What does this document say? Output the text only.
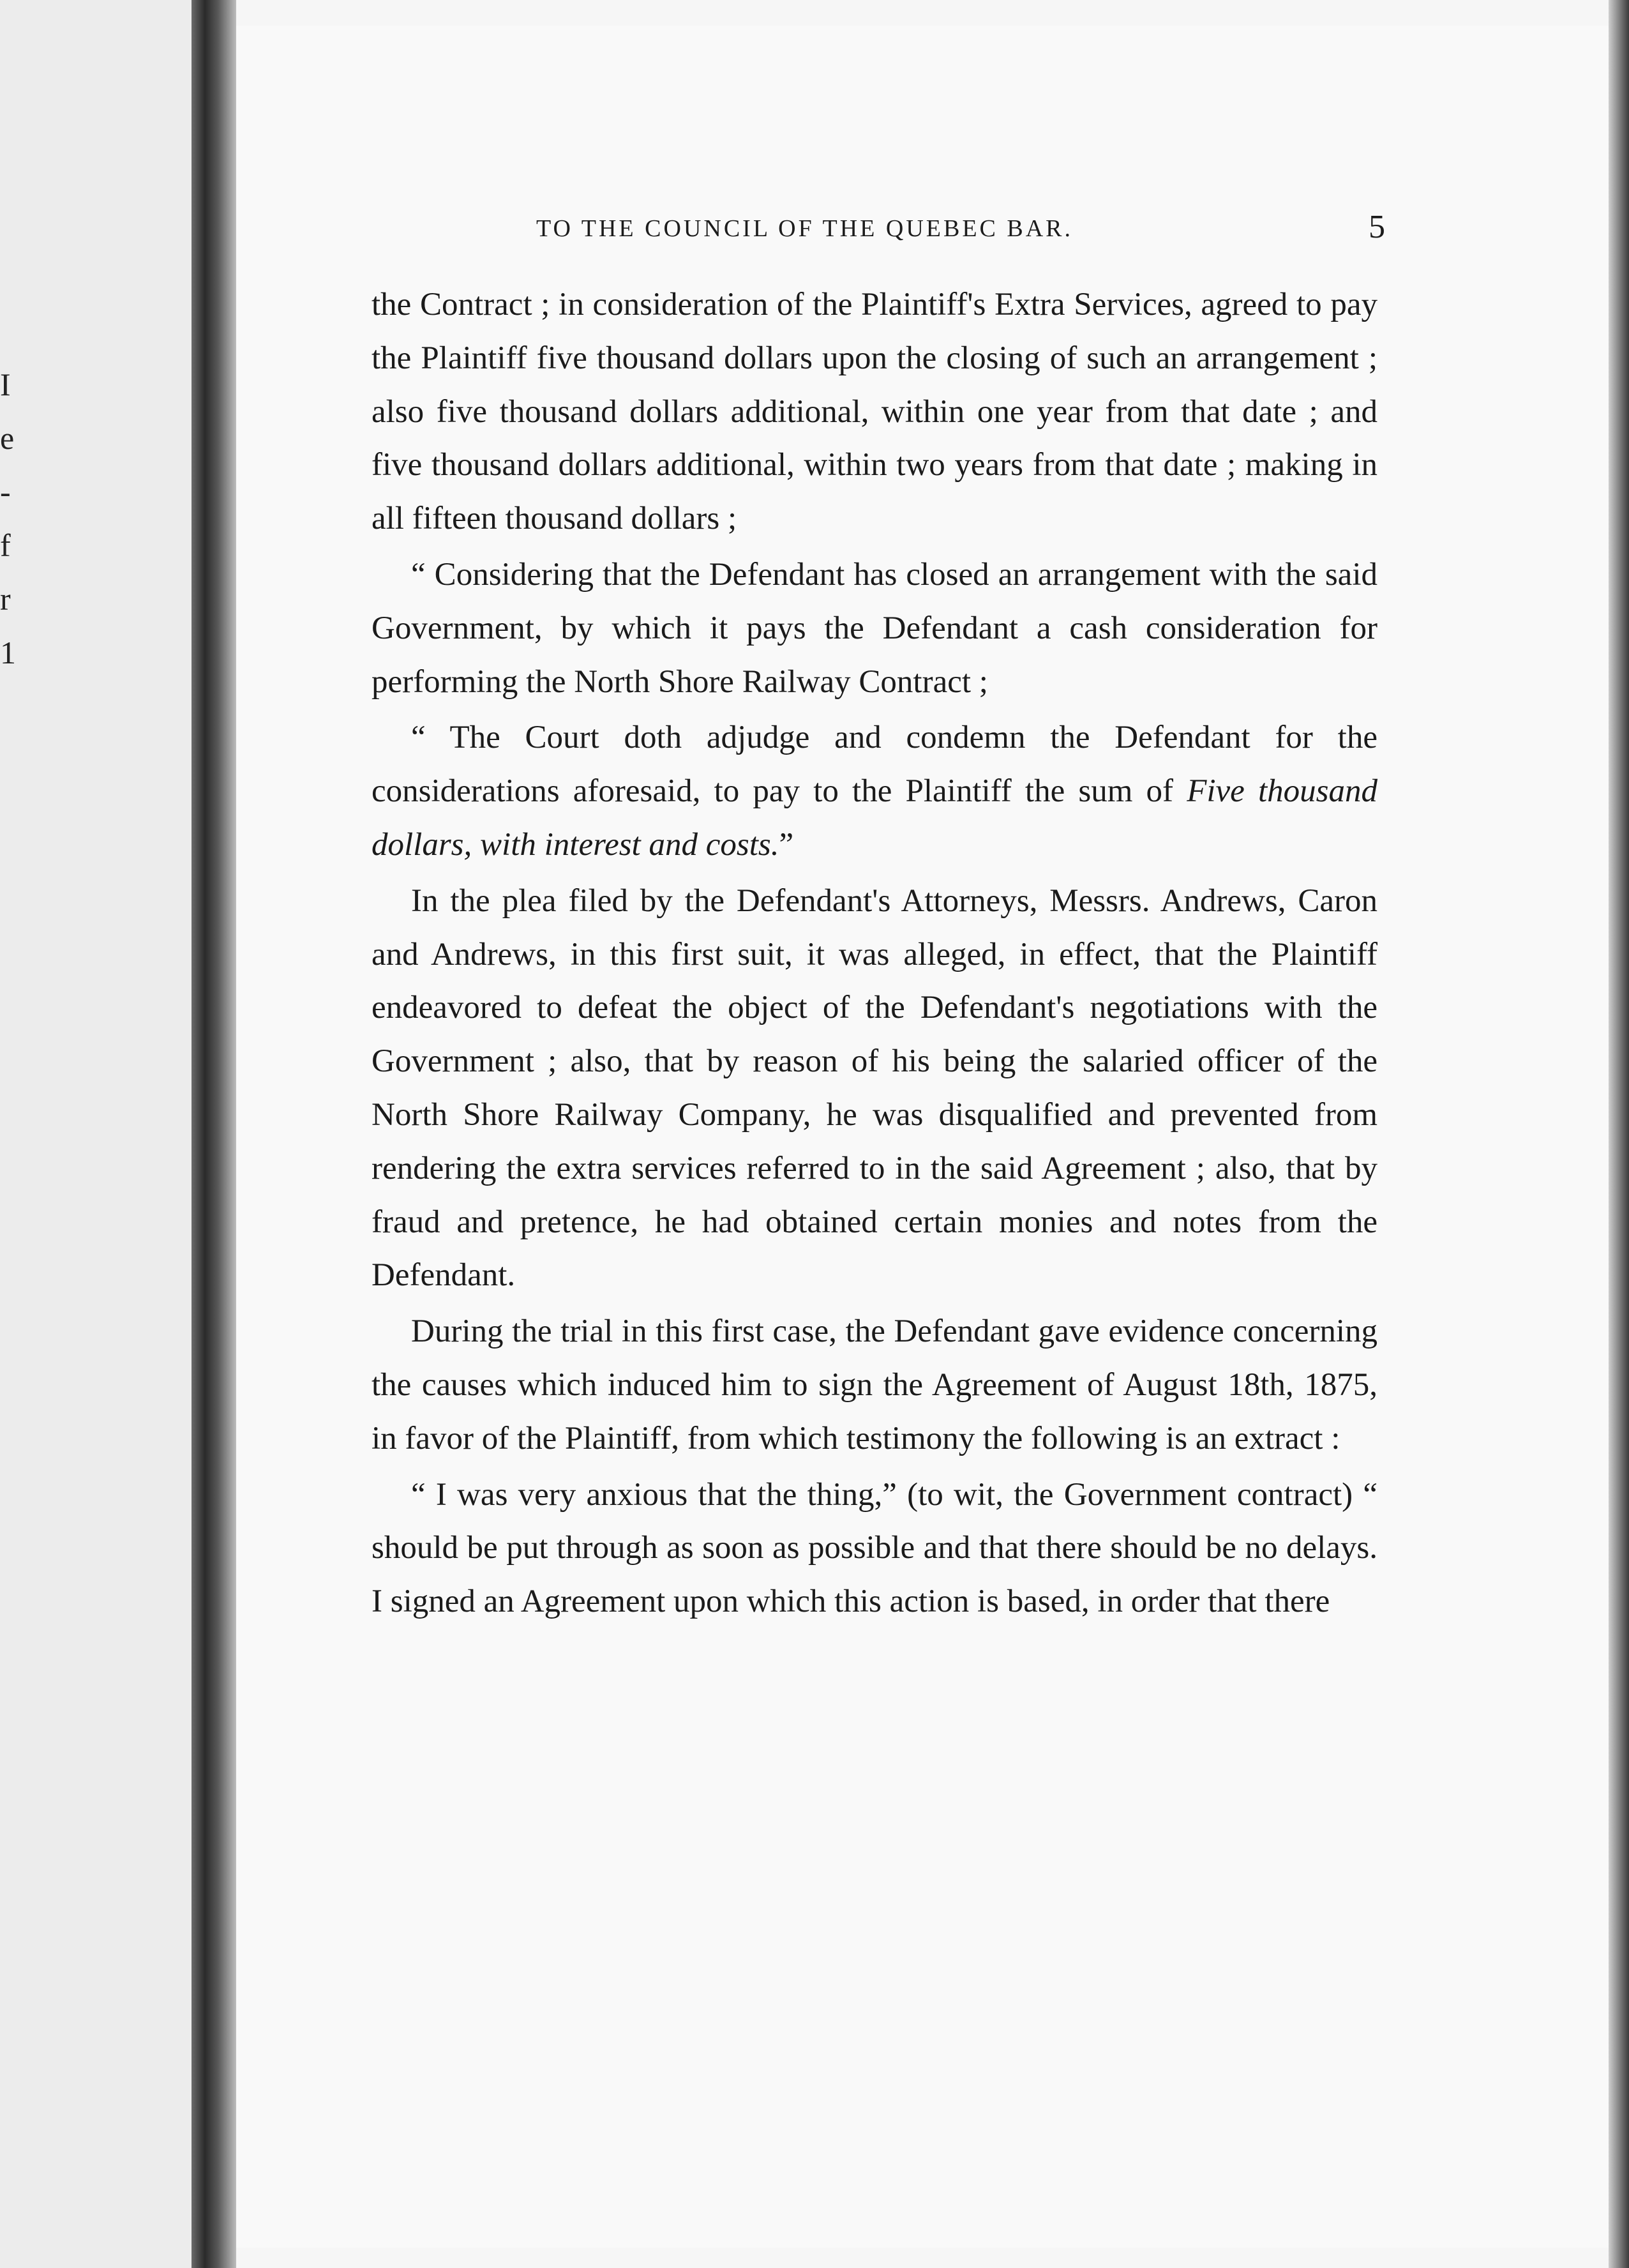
I
e
-
f
r
1
TO THE COUNCIL OF THE QUEBEC BAR.	5

the Contract ; in consideration of the Plaintiff's Extra Services, agreed to pay the Plaintiff five thousand dollars upon the closing of such an arrangement ; also five thousand dollars additional, within one year from that date ; and five thousand dollars additional, within two years from that date ; making in all fifteen thousand dollars ;

“ Considering that the Defendant has closed an arrangement with the said Government, by which it pays the Defendant a cash consideration for performing the North Shore Railway Contract ;

“ The Court doth adjudge and condemn the Defendant for the considerations aforesaid, to pay to the Plaintiff the sum of Five thousand dollars, with interest and costs.”

In the plea filed by the Defendant's Attorneys, Messrs. Andrews, Caron and Andrews, in this first suit, it was alleged, in effect, that the Plaintiff endeavored to defeat the object of the Defendant's negotiations with the Government ; also, that by reason of his being the salaried officer of the North Shore Railway Company, he was disqualified and prevented from rendering the extra services referred to in the said Agreement ; also, that by fraud and pretence, he had obtained certain monies and notes from the Defendant.

During the trial in this first case, the Defendant gave evidence concerning the causes which induced him to sign the Agreement of August 18th, 1875, in favor of the Plaintiff, from which testimony the following is an extract :

“ I was very anxious that the thing,” (to wit, the Government contract) “ should be put through as soon as possible and that there should be no delays. I signed an Agreement upon which this action is based, in order that there
